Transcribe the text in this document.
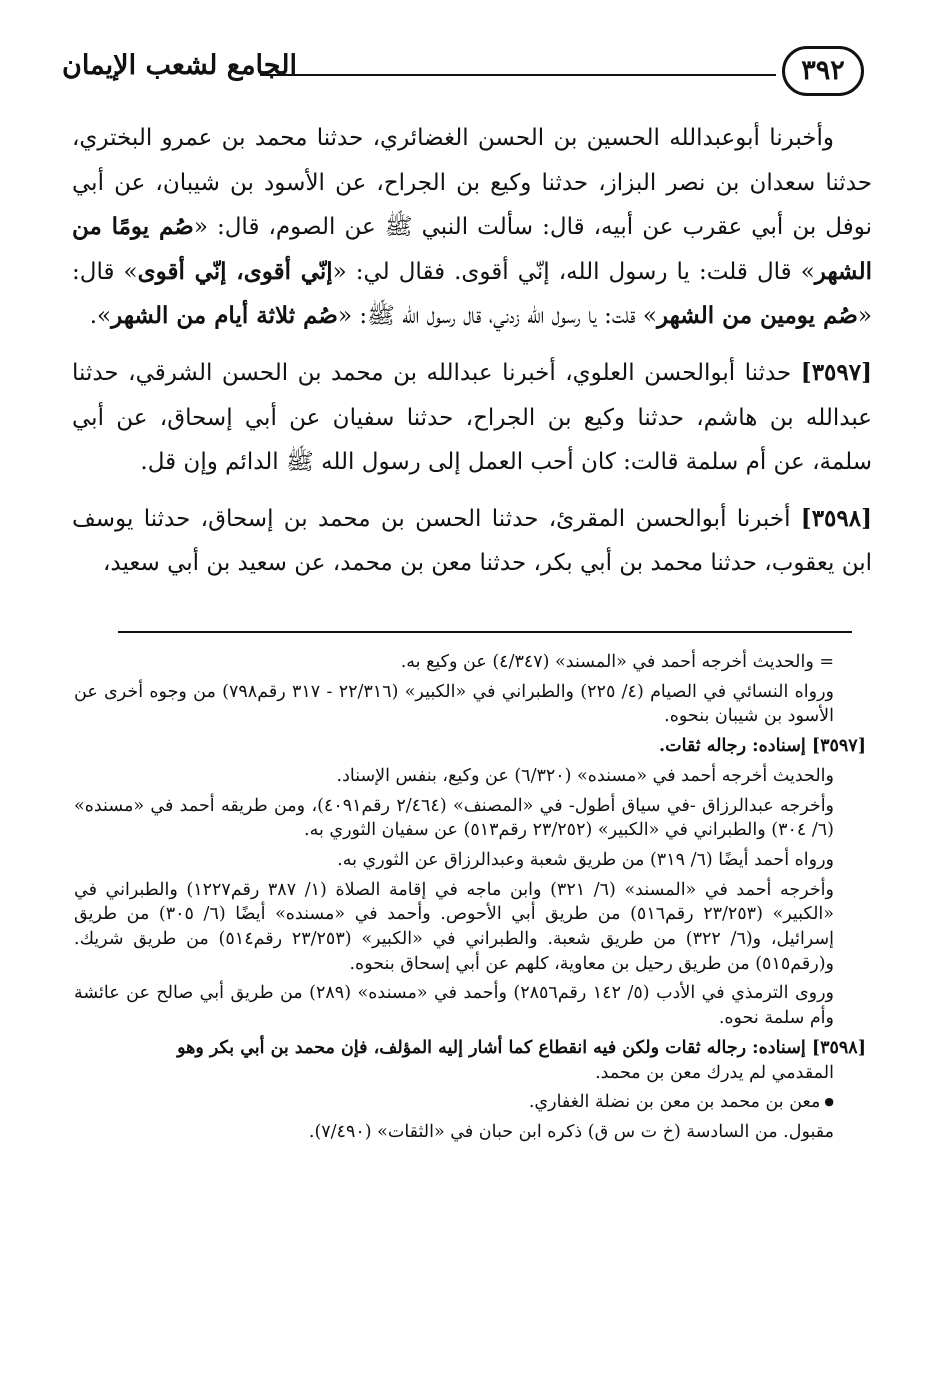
الجامع لشعب الإيمان	٣٩٢

وأخبرنا أبوعبدالله الحسين بن الحسن الغضائري، حدثنا محمد بن عمرو البختري، حدثنا سعدان بن نصر البزاز، حدثنا وكيع بن الجراح، عن الأسود بن شيبان، عن أبي نوفل بن أبي عقرب عن أبيه، قال: سألت النبي ﷺ عن الصوم، قال: «صُم يومًا من الشهر» قال قلت: يا رسول الله، إنّي أقوى. فقال لي: «إنّي أقوى، إنّي أقوى» قال: «صُم يومين من الشهر» قلت: يا رسول الله زدني، قال رسول الله ﷺ: «صُم ثلاثة أيام من الشهر».

[٣٥٩٧] حدثنا أبوالحسن العلوي، أخبرنا عبدالله بن محمد بن الحسن الشرقي، حدثنا عبدالله بن هاشم، حدثنا وكيع بن الجراح، حدثنا سفيان عن أبي إسحاق، عن أبي سلمة، عن أم سلمة قالت: كان أحب العمل إلى رسول الله ﷺ الدائم وإن قل.

[٣٥٩٨] أخبرنا أبوالحسن المقرئ، حدثنا الحسن بن محمد بن إسحاق، حدثنا يوسف ابن يعقوب، حدثنا محمد بن أبي بكر، حدثنا معن بن محمد، عن سعيد بن أبي سعيد،

= والحديث أخرجه أحمد في «المسند» (٤/٣٤٧) عن وكيع به.

ورواه النسائي في الصيام (٤/ ٢٢٥) والطبراني في «الكبير» (٢٢/٣١٦ - ٣١٧ رقم٧٩٨) من وجوه أخرى عن الأسود بن شيبان بنحوه.

[٣٥٩٧] إسناده: رجاله ثقات.

والحديث أخرجه أحمد في «مسنده» (٦/٣٢٠) عن وكيع، بنفس الإسناد.

وأخرجه عبدالرزاق -في سياق أطول- في «المصنف» (٢/٤٦٤ رقم٤٠٩١)، ومن طريقه أحمد في «مسنده» (٦/ ٣٠٤) والطبراني في «الكبير» (٢٣/٢٥٢ رقم٥١٣) عن سفيان الثوري به.

ورواه أحمد أيضًا (٦/ ٣١٩) من طريق شعبة وعبدالرزاق عن الثوري به.

وأخرجه أحمد في «المسند» (٦/ ٣٢١) وابن ماجه في إقامة الصلاة (١/ ٣٨٧ رقم١٢٢٧) والطبراني في «الكبير» (٢٣/٢٥٣ رقم٥١٦) من طريق أبي الأحوص. وأحمد في «مسنده» أيضًا (٦/ ٣٠٥) من طريق إسرائيل، و(٦/ ٣٢٢) من طريق شعبة. والطبراني في «الكبير» (٢٣/٢٥٣ رقم٥١٤) من طريق شريك. و(رقم٥١٥) من طريق رحيل بن معاوية، كلهم عن أبي إسحاق بنحوه.

وروى الترمذي في الأدب (٥/ ١٤٢ رقم٢٨٥٦) وأحمد في «مسنده» (٢٨٩) من طريق أبي صالح عن عائشة وأم سلمة نحوه.

[٣٥٩٨] إسناده: رجاله ثقات ولكن فيه انقطاع كما أشار إليه المؤلف، فإن محمد بن أبي بكر وهو

المقدمي لم يدرك معن بن محمد.

● معن بن محمد بن معن بن نضلة الغفاري.

مقبول. من السادسة (خ ت س ق) ذكره ابن حبان في «الثقات» (٧/٤٩٠).
